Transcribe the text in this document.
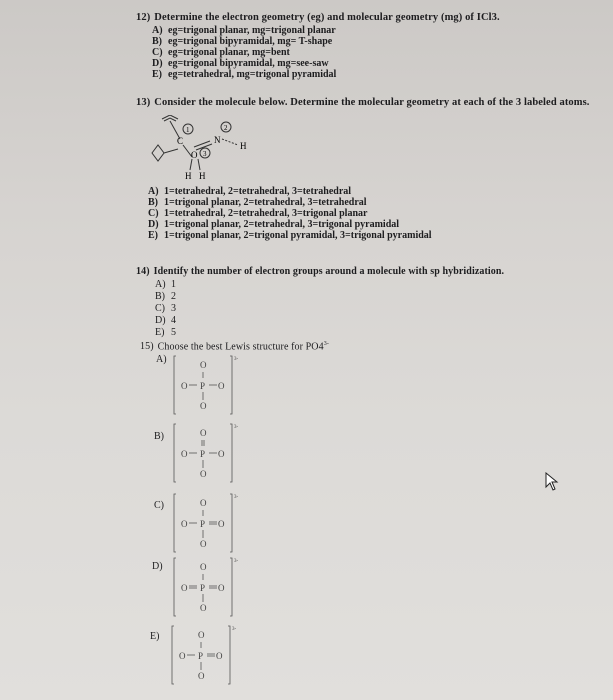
12) Determine the electron geometry (eg) and molecular geometry (mg) of ICl3.
A) eg=trigonal planar, mg=trigonal planar
B) eg=trigonal bipyramidal, mg= T-shape
C) eg=trigonal planar, mg=bent
D) eg=trigonal bipyramidal, mg=see-saw
E) eg=tetrahedral, mg=trigonal pyramidal
13) Consider the molecule below. Determine the molecular geometry at each of the 3 labeled atoms.
C	N
H
H H
O
1	2
3
A) 1=tetrahedral, 2=tetrahedral, 3=tetrahedral
B) 1=trigonal planar, 2=tetrahedral, 3=tetrahedral
C) 1=tetrahedral, 2=tetrahedral, 3=trigonal planar
D) 1=trigonal planar, 2=tetrahedral, 3=trigonal pyramidal
E) 1=trigonal planar, 2=trigonal pyramidal, 3=trigonal pyramidal
14) Identify the number of electron groups around a molecule with sp hybridization.
A) 1
B) 2
C) 3
D) 4
E) 5
15) Choose the best Lewis structure for $PO4^{3-}$
A)	O
P
O	O
O
3-
B)	O
P
O	O
O
3-
C)	O
P
O	O
O
3-
D)	O
P
O	O
O
3-
E)	O
P
O	O
O
3-
